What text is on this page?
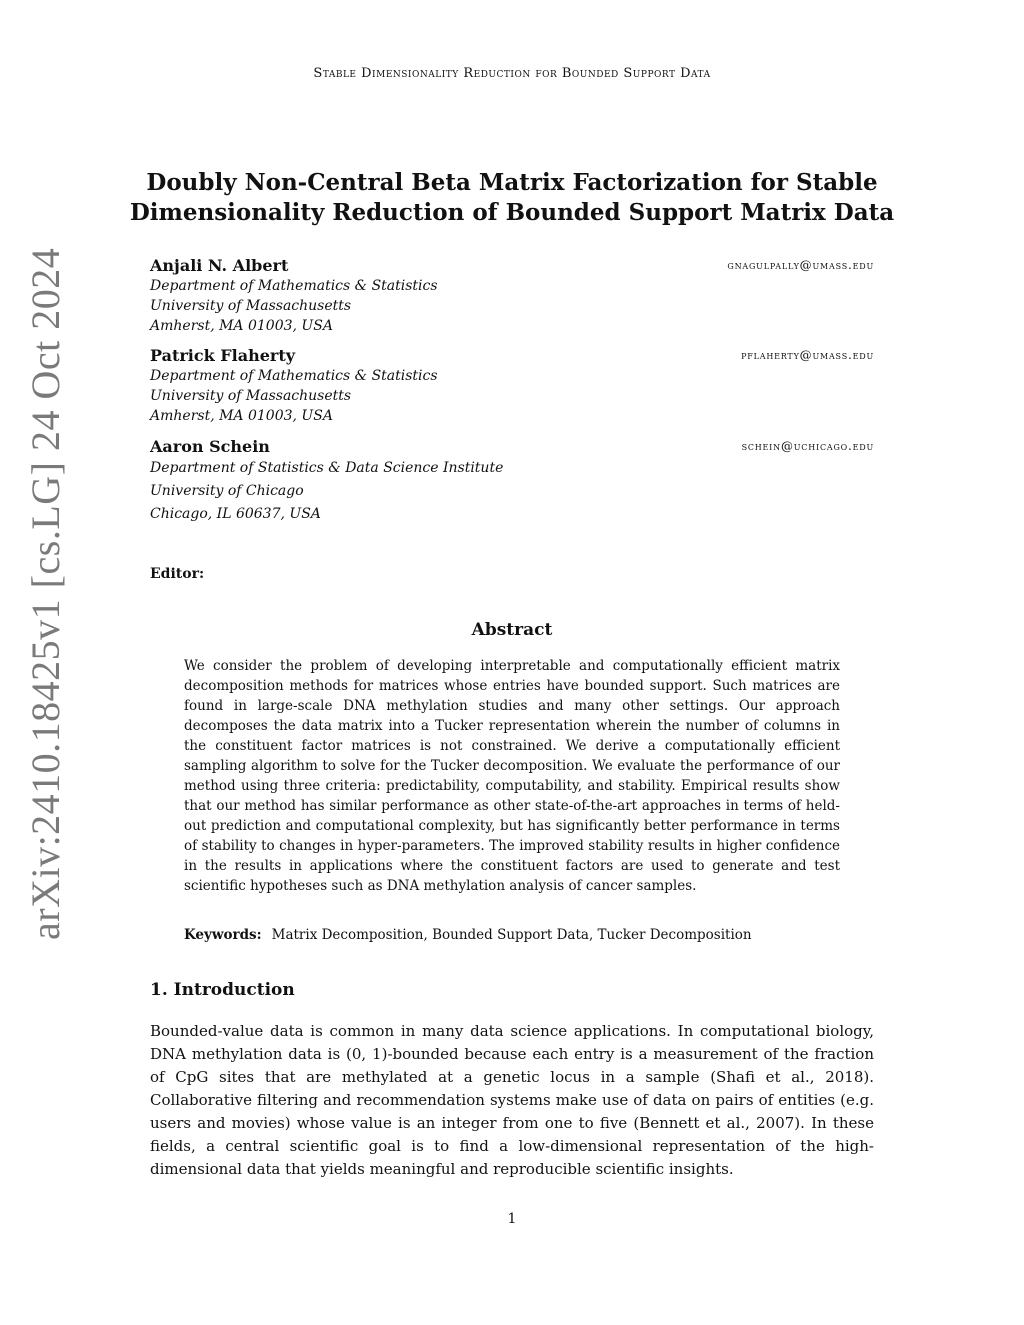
Stable Dimensionality Reduction for Bounded Support Data
arXiv:2410.18425v1 [cs.LG] 24 Oct 2024
Doubly Non-Central Beta Matrix Factorization for Stable Dimensionality Reduction of Bounded Support Matrix Data
Anjali N. Albert	gnagulpally@umass.edu
Department of Mathematics & Statistics
University of Massachusetts
Amherst, MA 01003, USA
Patrick Flaherty	pflaherty@umass.edu
Department of Mathematics & Statistics
University of Massachusetts
Amherst, MA 01003, USA
Aaron Schein	schein@uchicago.edu
Department of Statistics & Data Science Institute
University of Chicago
Chicago, IL 60637, USA
Editor:
Abstract

We consider the problem of developing interpretable and computationally efficient matrix decomposition methods for matrices whose entries have bounded support. Such matrices are found in large-scale DNA methylation studies and many other settings. Our approach decomposes the data matrix into a Tucker representation wherein the number of columns in the constituent factor matrices is not constrained. We derive a computationally efficient sampling algorithm to solve for the Tucker decomposition. We evaluate the performance of our method using three criteria: predictability, computability, and stability. Empirical results show that our method has similar performance as other state-of-the-art approaches in terms of held-out prediction and computational complexity, but has significantly better performance in terms of stability to changes in hyper-parameters. The improved stability results in higher confidence in the results in applications where the constituent factors are used to generate and test scientific hypotheses such as DNA methylation analysis of cancer samples.

Keywords: Matrix Decomposition, Bounded Support Data, Tucker Decomposition
1. Introduction

Bounded-value data is common in many data science applications. In computational biology, DNA methylation data is (0, 1)-bounded because each entry is a measurement of the fraction of CpG sites that are methylated at a genetic locus in a sample (Shafi et al., 2018). Collaborative filtering and recommendation systems make use of data on pairs of entities (e.g. users and movies) whose value is an integer from one to five (Bennett et al., 2007). In these fields, a central scientific goal is to find a low-dimensional representation of the high-dimensional data that yields meaningful and reproducible scientific insights.

1
